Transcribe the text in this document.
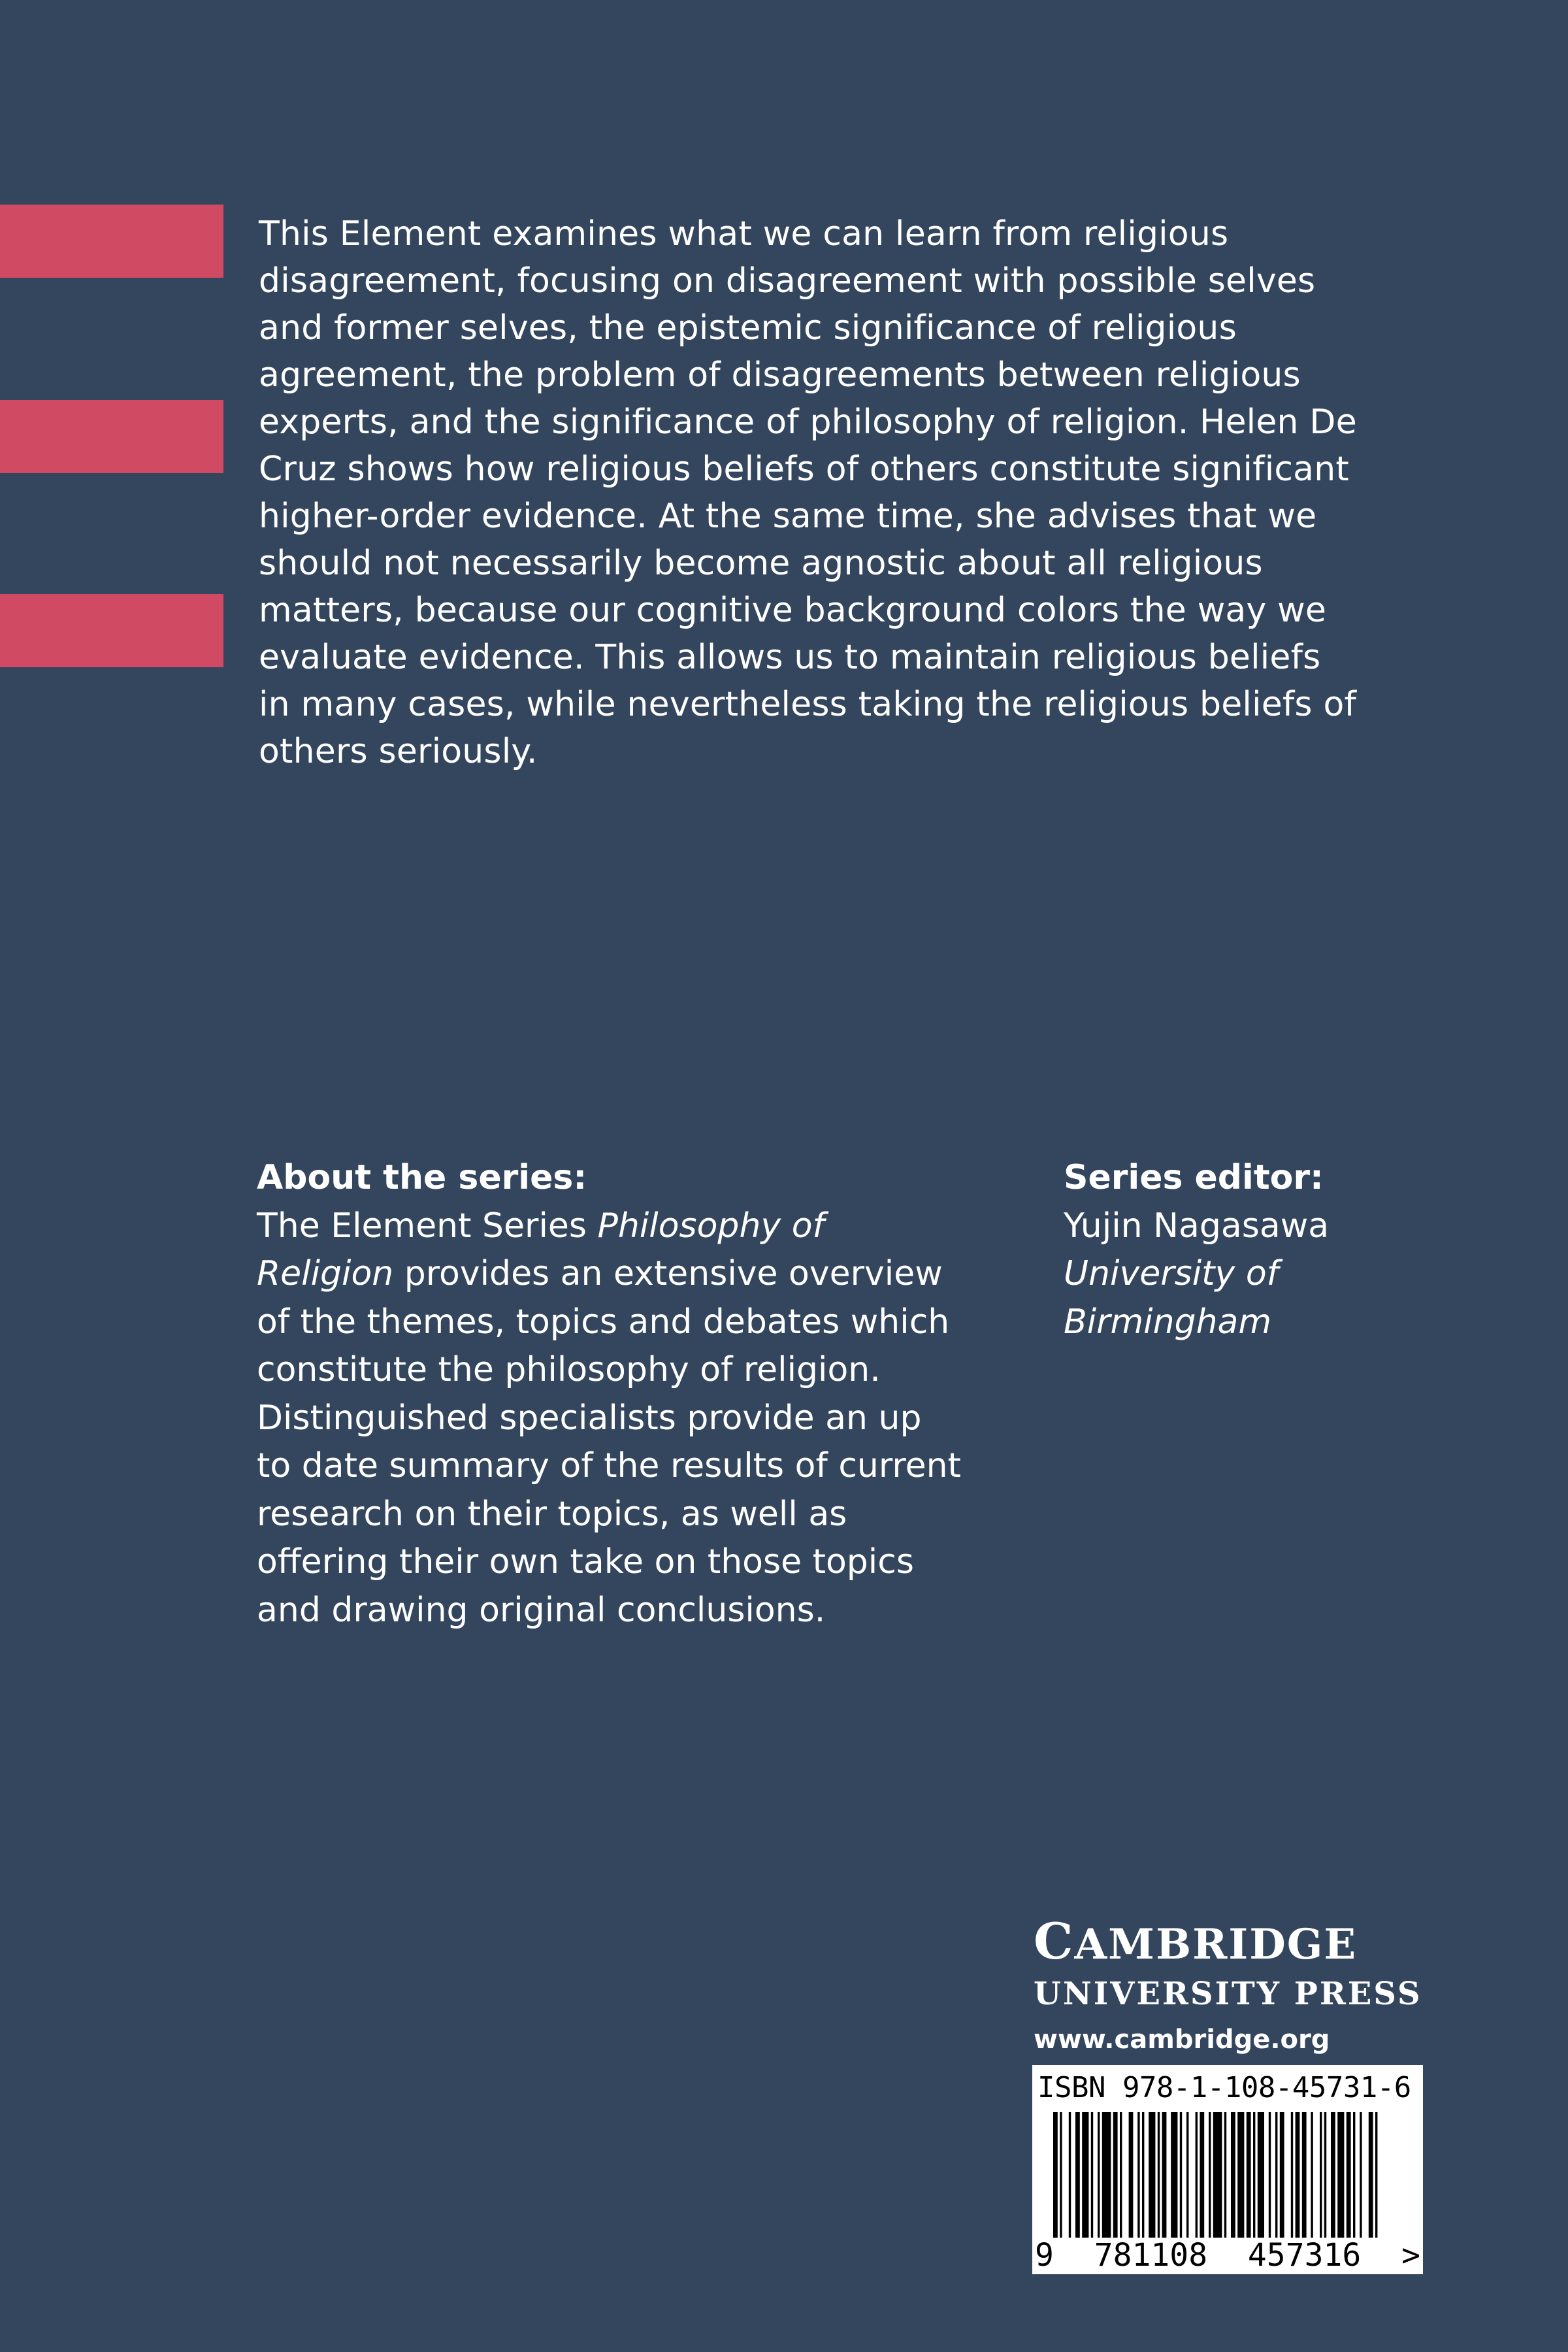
This Element examines what we can learn from religious
disagreement, focusing on disagreement with possible selves
and former selves, the epistemic significance of religious
agreement, the problem of disagreements between religious
experts, and the significance of philosophy of religion. Helen De
Cruz shows how religious beliefs of others constitute significant
higher-order evidence. At the same time, she advises that we
should not necessarily become agnostic about all religious
matters, because our cognitive background colors the way we
evaluate evidence. This allows us to maintain religious beliefs
in many cases, while nevertheless taking the religious beliefs of
others seriously.

About the series:

The Element Series Philosophy of
Religion provides an extensive overview
of the themes, topics and debates which
constitute the philosophy of religion.
Distinguished specialists provide an up
to date summary of the results of current
research on their topics, as well as
offering their own take on those topics
and drawing original conclusions.

Series editor:
Yujin Nagasawa
University of
Birmingham
CAMBRIDGE
UNIVERSITY PRESS
www.cambridge.org
ISBN 978-1-108-45731-6
9 781108 457316 >
